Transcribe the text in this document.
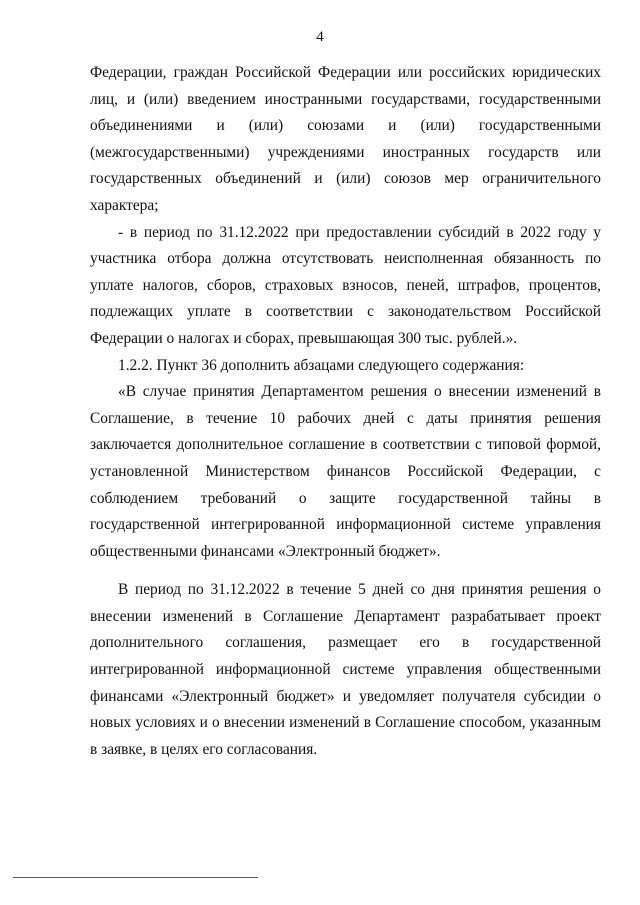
4

Федерации, граждан Российской Федерации или российских юридических лиц, и (или) введением иностранными государствами, государственными объединениями и (или) союзами и (или) государственными (межгосударственными) учреждениями иностранных государств или государственных объединений и (или) союзов мер ограничительного характера;

- в период по 31.12.2022 при предоставлении субсидий в 2022 году у участника отбора должна отсутствовать неисполненная обязанность по уплате налогов, сборов, страховых взносов, пеней, штрафов, процентов, подлежащих уплате в соответствии с законодательством Российской Федерации о налогах и сборах, превышающая 300 тыс. рублей.».

1.2.2. Пункт 36 дополнить абзацами следующего содержания:

«В случае принятия Департаментом решения о внесении изменений в Соглашение, в течение 10 рабочих дней с даты принятия решения заключается дополнительное соглашение в соответствии с типовой формой, установленной Министерством финансов Российской Федерации, с соблюдением требований о защите государственной тайны в государственной интегрированной информационной системе управления общественными финансами «Электронный бюджет».

В период по 31.12.2022 в течение 5 дней со дня принятия решения о внесении изменений в Соглашение Департамент разрабатывает проект дополнительного соглашения, размещает его в государственной интегрированной информационной системе управления общественными финансами «Электронный бюджет» и уведомляет получателя субсидии о новых условиях и о внесении изменений в Соглашение способом, указанным в заявке, в целях его согласования.
